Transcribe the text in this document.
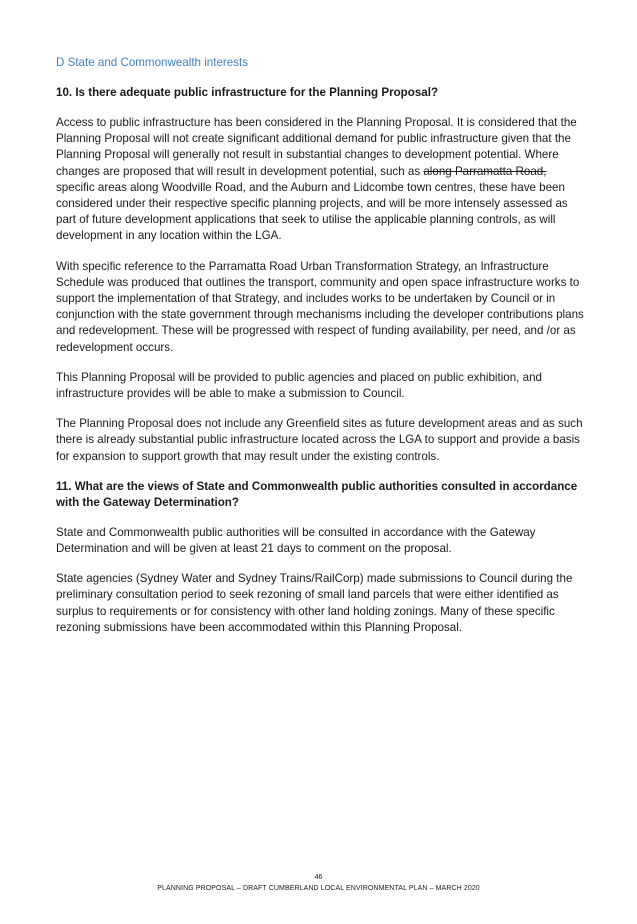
D State and Commonwealth interests
10. Is there adequate public infrastructure for the Planning Proposal?
Access to public infrastructure has been considered in the Planning Proposal. It is considered that the Planning Proposal will not create significant additional demand for public infrastructure given that the Planning Proposal will generally not result in substantial changes to development potential. Where changes are proposed that will result in development potential, such as along Parramatta Road, specific areas along Woodville Road, and the Auburn and Lidcombe town centres, these have been considered under their respective specific planning projects, and will be more intensely assessed as part of future development applications that seek to utilise the applicable planning controls, as will development in any location within the LGA.
With specific reference to the Parramatta Road Urban Transformation Strategy, an Infrastructure Schedule was produced that outlines the transport, community and open space infrastructure works to support the implementation of that Strategy, and includes works to be undertaken by Council or in conjunction with the state government through mechanisms including the developer contributions plans and redevelopment. These will be progressed with respect of funding availability, per need, and /or as redevelopment occurs.
This Planning Proposal will be provided to public agencies and placed on public exhibition, and infrastructure provides will be able to make a submission to Council.
The Planning Proposal does not include any Greenfield sites as future development areas and as such there is already substantial public infrastructure located across the LGA to support and provide a basis for expansion to support growth that may result under the existing controls.
11. What are the views of State and Commonwealth public authorities consulted in accordance with the Gateway Determination?
State and Commonwealth public authorities will be consulted in accordance with the Gateway Determination and will be given at least 21 days to comment on the proposal.
State agencies (Sydney Water and Sydney Trains/RailCorp) made submissions to Council during the preliminary consultation period to seek rezoning of small land parcels that were either identified as surplus to requirements or for consistency with other land holding zonings. Many of these specific rezoning submissions have been accommodated within this Planning Proposal.
46
PLANNING PROPOSAL – DRAFT CUMBERLAND LOCAL ENVIRONMENTAL PLAN – MARCH 2020
